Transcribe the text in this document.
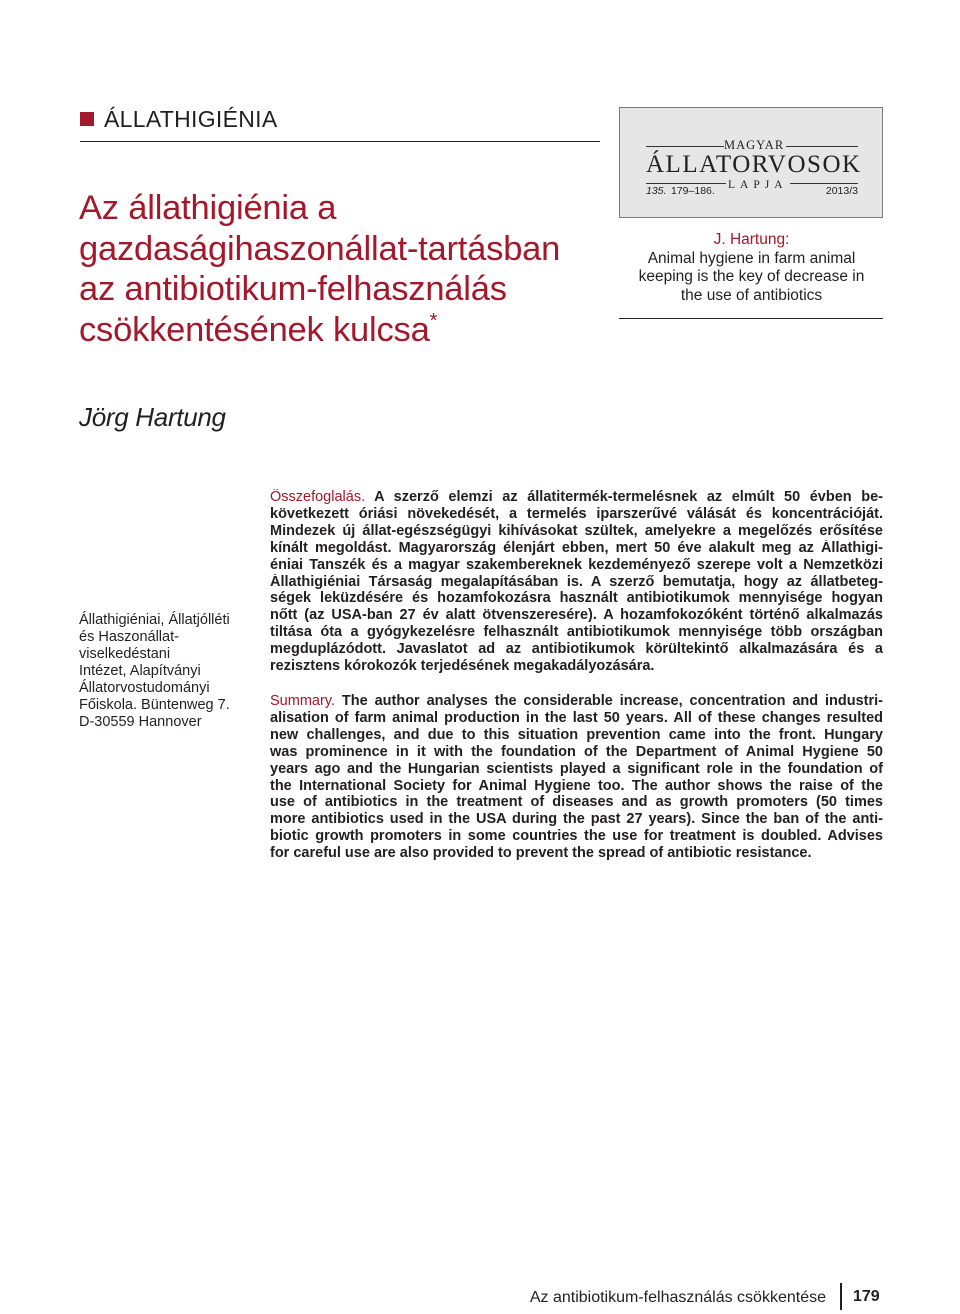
ÁLLATHIGIÉNIA
Az állathigiénia a
gazdaságihaszonállat-tartásban
az antibiotikum-felhasználás
csökkentésének kulcsa*
MAGYAR
ÁLLATORVOSOK
LAPJA
135. 179–186.	2013/3
J. Hartung:
Animal hygiene in farm animal
keeping is the key of decrease in
the use of antibiotics
Jörg Hartung
Állathigiéniai, Állatjólléti
és Haszonállat-
viselkedéstani
Intézet, Alapítványi
Állatorvostudományi
Főiskola. Büntenweg 7.
D-30559 Hannover
Összefoglalás. A szerző elemzi az állatitermék-termelésnek az elmúlt 50 évben be-
következett óriási növekedését, a termelés iparszerűvé válását és koncentrációját.
Mindezek új állat-egészségügyi kihívásokat szültek, amelyekre a megelőzés erősítése
kínált megoldást. Magyarország élenjárt ebben, mert 50 éve alakult meg az Állathigi-
éniai Tanszék és a magyar szakembereknek kezdeményező szerepe volt a Nemzetközi
Állathigiéniai Társaság megalapításában is. A szerző bemutatja, hogy az állatbeteg-
ségek leküzdésére és hozamfokozásra használt antibiotikumok mennyisége hogyan
nőtt (az USA-ban 27 év alatt ötvenszeresére). A hozamfokozóként történő alkalmazás
tiltása óta a gyógykezelésre felhasznált antibiotikumok mennyisége több országban
megduplázódott. Javaslatot ad az antibiotikumok körültekintő alkalmazására és a
rezisztens kórokozók terjedésének megakadályozására.
Summary. The author analyses the considerable increase, concentration and industri-
alisation of farm animal production in the last 50 years. All of these changes resulted
new challenges, and due to this situation prevention came into the front. Hungary
was prominence in it with the foundation of the Department of Animal Hygiene 50
years ago and the Hungarian scientists played a significant role in the foundation of
the International Society for Animal Hygiene too. The author shows the raise of the
use of antibiotics in the treatment of diseases and as growth promoters (50 times
more antibiotics used in the USA during the past 27 years). Since the ban of the anti-
biotic growth promoters in some countries the use for treatment is doubled. Advises
for careful use are also provided to prevent the spread of antibiotic resistance.
Az antibiotikum-felhasználás csökkentése 179
